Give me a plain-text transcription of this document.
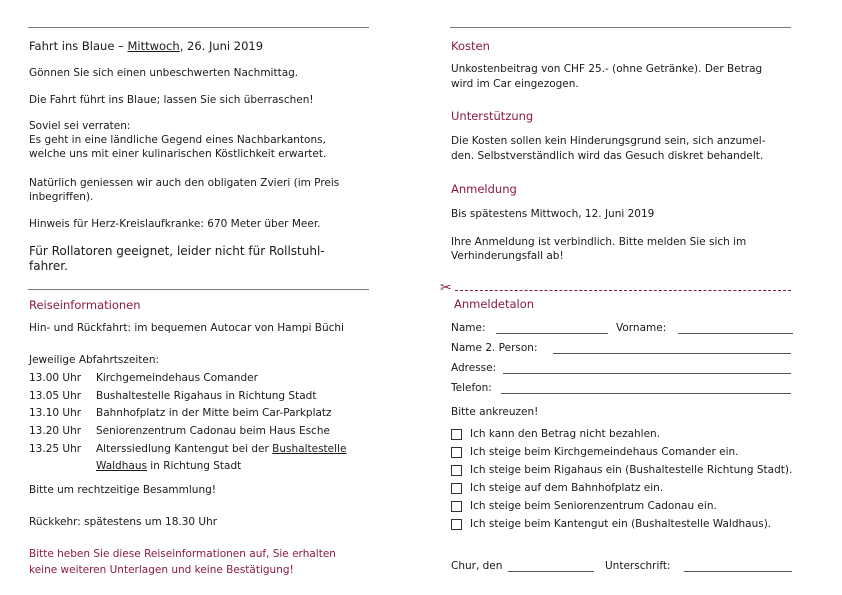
Fahrt ins Blaue – Mittwoch, 26. Juni 2019
Gönnen Sie sich einen unbeschwerten Nachmittag.
Die Fahrt führt ins Blaue; lassen Sie sich überraschen!
Soviel sei verraten:
Es geht in eine ländliche Gegend eines Nachbarkantons,
welche uns mit einer kulinarischen Köstlichkeit erwartet.
Natürlich geniessen wir auch den obligaten Zvieri (im Preis
inbegriffen).
Hinweis für Herz-Kreislaufkranke: 670 Meter über Meer.
Für Rollatoren geeignet, leider nicht für Rollstuhl-
fahrer.
Reiseinformationen
Hin- und Rückfahrt: im bequemen Autocar von Hampi Büchi
Jeweilige Abfahrtszeiten:
13.00 Uhr Kirchgemeindehaus Comander
13.05 Uhr Bushaltestelle Rigahaus in Richtung Stadt
13.10 Uhr Bahnhofplatz in der Mitte beim Car-Parkplatz
13.20 Uhr Seniorenzentrum Cadonau beim Haus Esche
13.25 Uhr Alterssiedlung Kantengut bei der Bushaltestelle
Waldhaus in Richtung Stadt
Bitte um rechtzeitige Besammlung!
Rückkehr: spätestens um 18.30 Uhr
Bitte heben Sie diese Reiseinformationen auf, Sie erhalten
keine weiteren Unterlagen und keine Bestätigung!
Kosten
Unkostenbeitrag von CHF 25.- (ohne Getränke). Der Betrag
wird im Car eingezogen.
Unterstützung
Die Kosten sollen kein Hinderungsgrund sein, sich anzumel-
den. Selbstverständlich wird das Gesuch diskret behandelt.
Anmeldung
Bis spätestens Mittwoch, 12. Juni 2019
Ihre Anmeldung ist verbindlich. Bitte melden Sie sich im
Verhinderungsfall ab!
✂
Anmeldetalon
Name:	Vorname:
Name 2. Person:
Adresse:
Telefon:
Bitte ankreuzen!
Ich kann den Betrag nicht bezahlen.
Ich steige beim Kirchgemeindehaus Comander ein.
Ich steige beim Rigahaus ein (Bushaltestelle Richtung Stadt).
Ich steige auf dem Bahnhofplatz ein.
Ich steige beim Seniorenzentrum Cadonau ein.
Ich steige beim Kantengut ein (Bushaltestelle Waldhaus).
Chur, den	Unterschrift:
